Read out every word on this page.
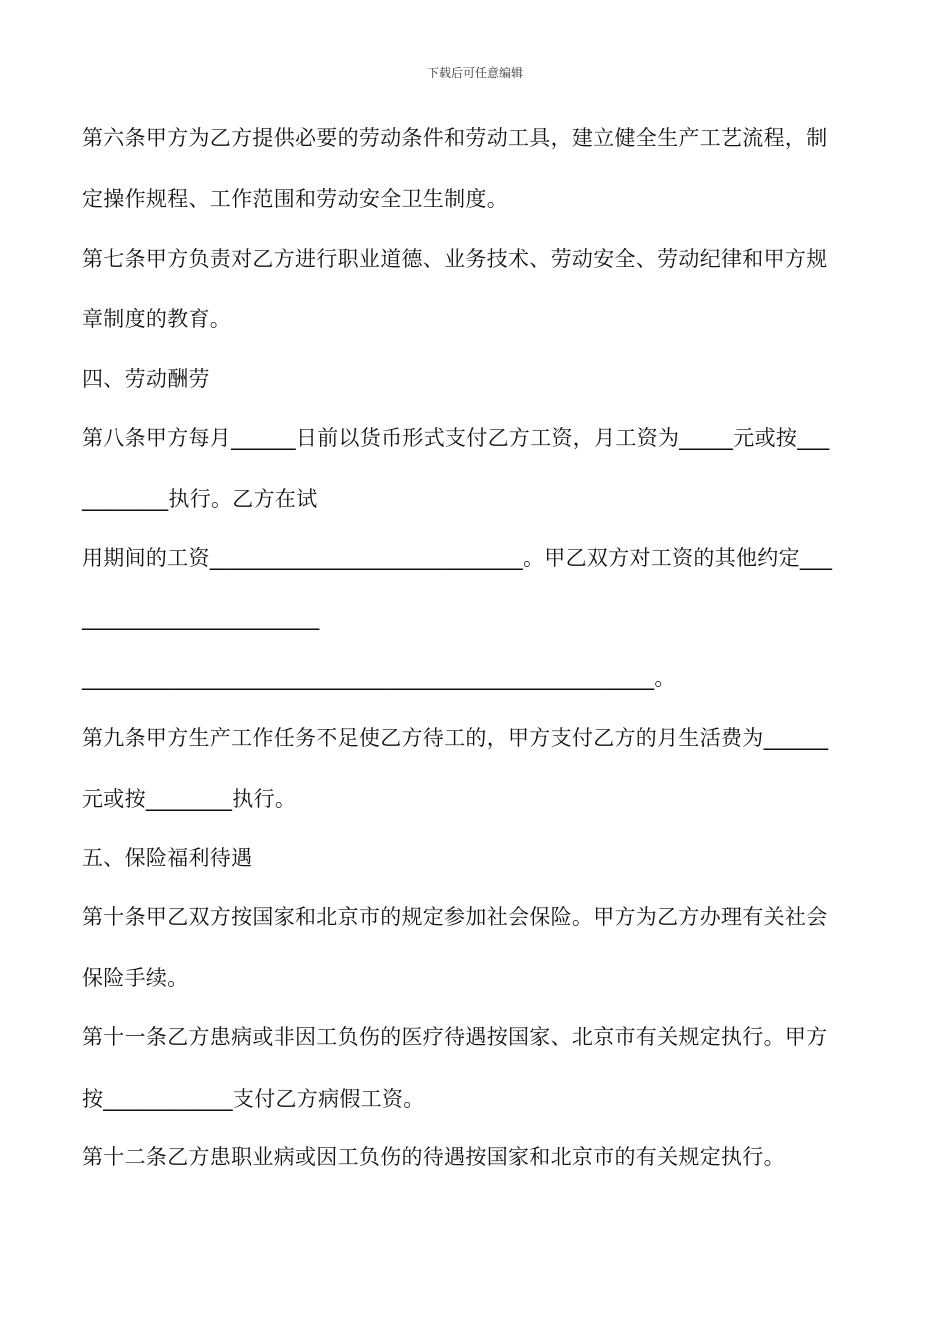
下载后可任意编辑
第六条甲方为乙方提供必要的劳动条件和劳动工具，建立健全生产工艺流程，制
定操作规程、工作范围和劳动安全卫生制度。
第七条甲方负责对乙方进行职业道德、业务技术、劳动安全、劳动纪律和甲方规
章制度的教育。
四、劳动酬劳
第八条甲方每月______日前以货币形式支付乙方工资，月工资为_____元或按___
________执行。乙方在试
用期间的工资_____________________________。甲乙双方对工资的其他约定___
______________________
_____________________________________________________。
第九条甲方生产工作任务不足使乙方待工的，甲方支付乙方的月生活费为______
元或按________执行。
五、保险福利待遇
第十条甲乙双方按国家和北京市的规定参加社会保险。甲方为乙方办理有关社会
保险手续。
第十一条乙方患病或非因工负伤的医疗待遇按国家、北京市有关规定执行。甲方
按____________支付乙方病假工资。
第十二条乙方患职业病或因工负伤的待遇按国家和北京市的有关规定执行。
